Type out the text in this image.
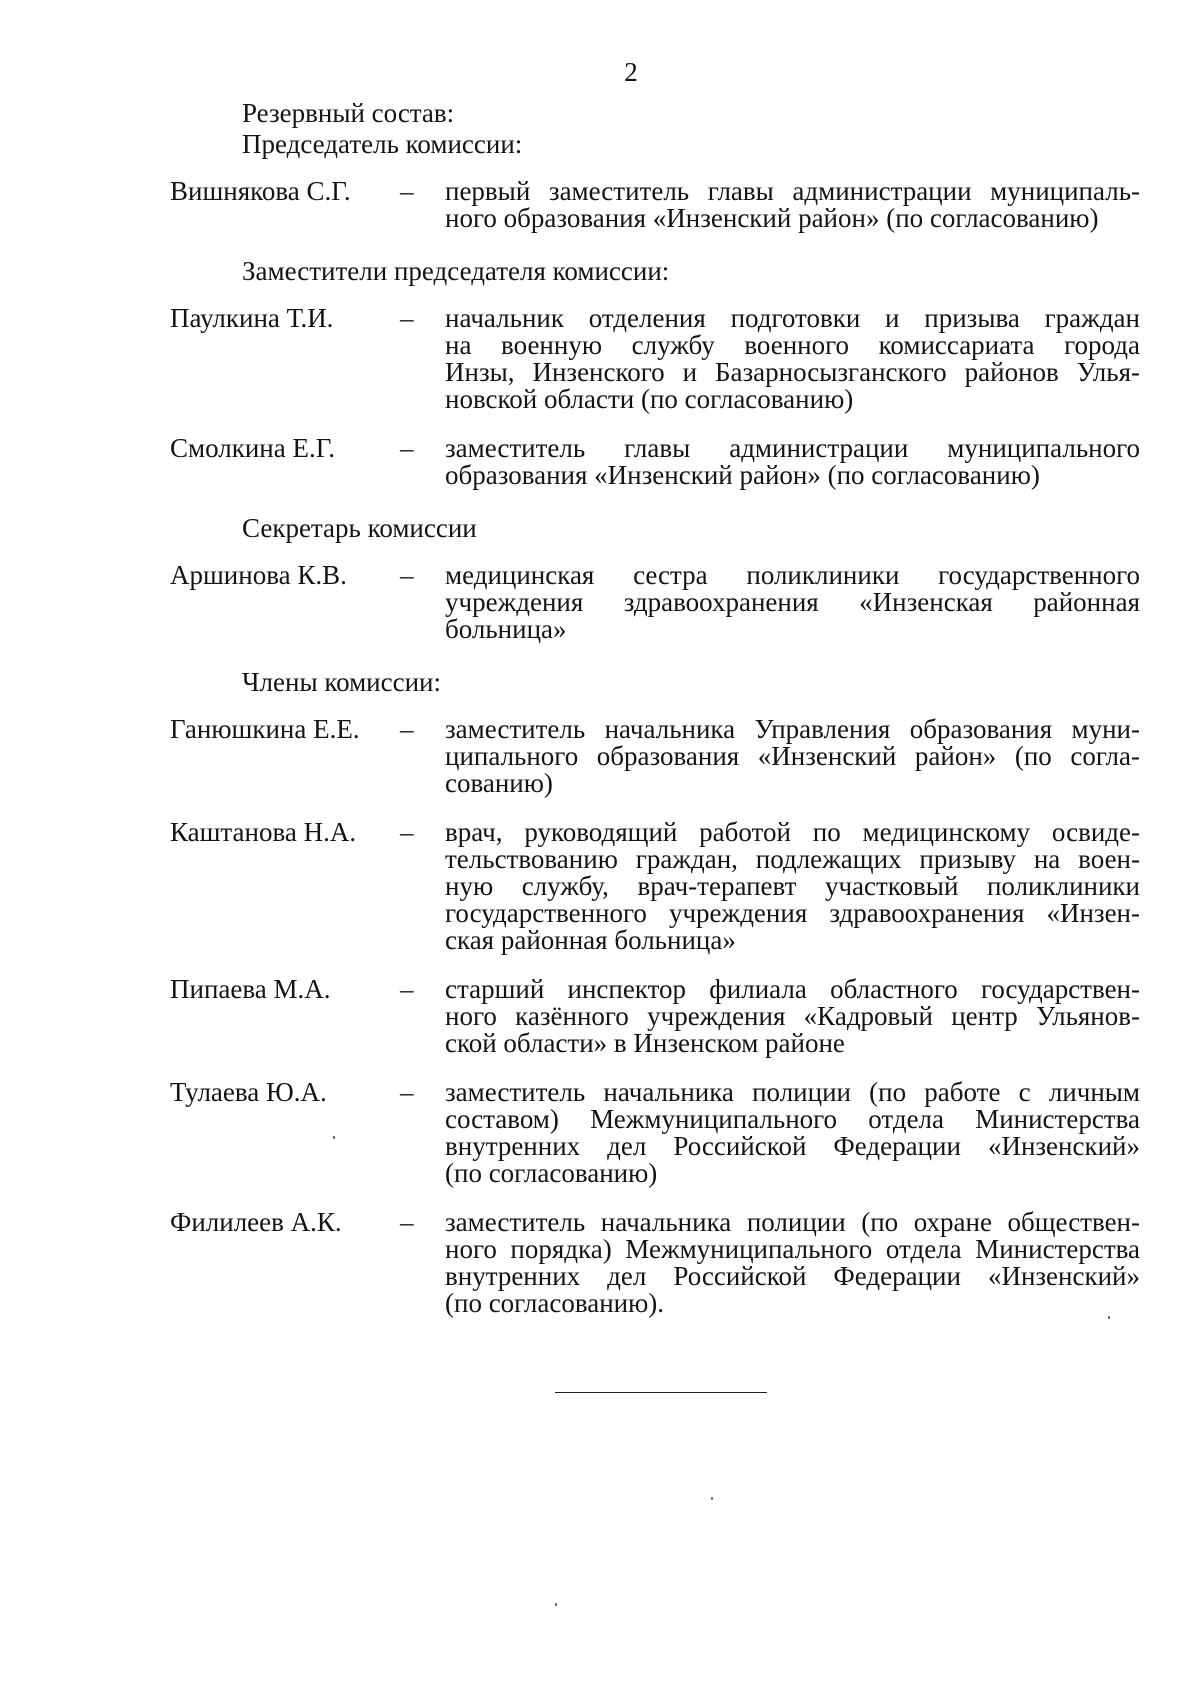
2
Резервный состав:
Председатель комиссии:
Вишнякова С.Г.	–	первый заместитель главы администрации муниципаль-
ного образования «Инзенский район» (по согласованию)
Заместители председателя комиссии:
Паулкина Т.И.	–	начальник отделения подготовки и призыва граждан
на военную службу военного комиссариата города
Инзы, Инзенского и Базарносызганского районов Улья-
новской области (по согласованию)
Смолкина Е.Г.	–	заместитель главы администрации муниципального
образования «Инзенский район» (по согласованию)
Секретарь комиссии
Аршинова К.В.	–	медицинская сестра поликлиники государственного
учреждения здравоохранения «Инзенская районная
больница»
Члены комиссии:
Ганюшкина Е.Е.	–	заместитель начальника Управления образования муни-
ципального образования «Инзенский район» (по согла-
сованию)
Каштанова Н.А.	–	врач, руководящий работой по медицинскому освиде-
тельствованию граждан, подлежащих призыву на воен-
ную службу, врач-терапевт участковый поликлиники
государственного учреждения здравоохранения «Инзен-
ская районная больница»
Пипаева М.А.	–	старший инспектор филиала областного государствен-
ного казённого учреждения «Кадровый центр Ульянов-
ской области» в Инзенском районе
Тулаева Ю.А.	–	заместитель начальника полиции (по работе с личным
составом) Межмуниципального отдела Министерства
внутренних дел Российской Федерации «Инзенский»
(по согласованию)
Филилеев А.К.	–	заместитель начальника полиции (по охране обществен-
ного порядка) Межмуниципального отдела Министерства
внутренних дел Российской Федерации «Инзенский»
(по согласованию).
